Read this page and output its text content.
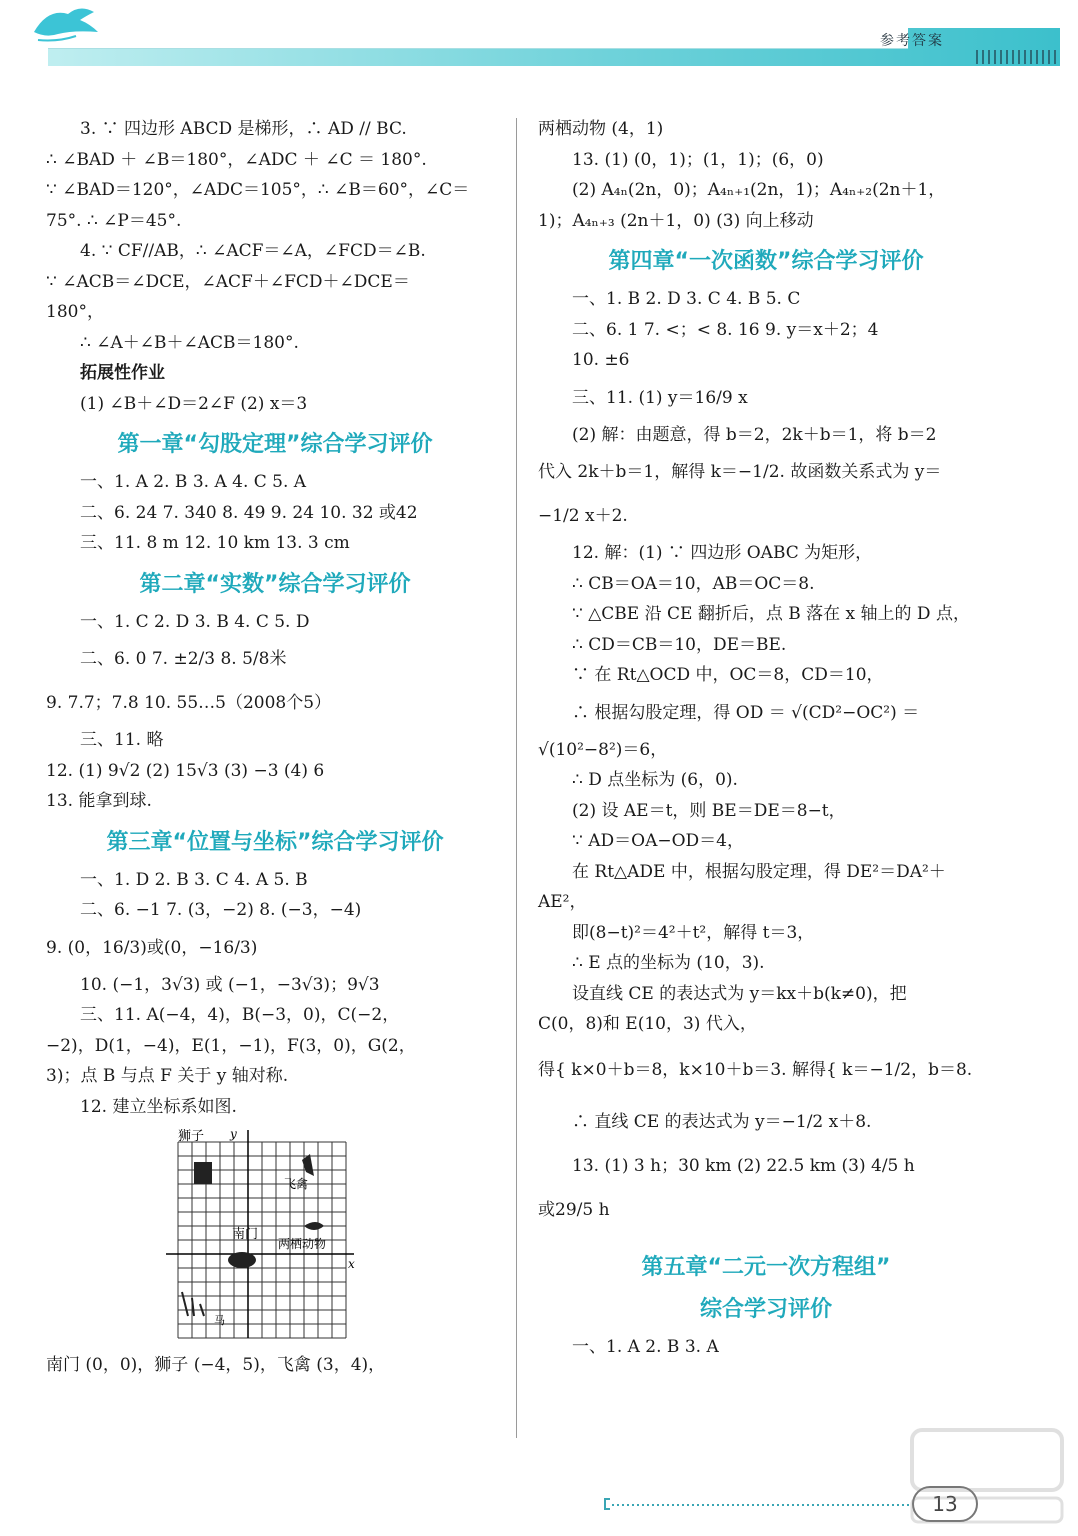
参考答案
3. ∵ 四边形 ABCD 是梯形，∴ AD // BC.
∴ ∠BAD ＋ ∠B＝180°，∠ADC ＋ ∠C ＝ 180°.
∵ ∠BAD＝120°，∠ADC＝105°，∴ ∠B＝60°，∠C＝
75°. ∴ ∠P＝45°.
4. ∵ CF//AB，∴ ∠ACF＝∠A，∠FCD＝∠B.
∵ ∠ACB＝∠DCE，∠ACF＋∠FCD＋∠DCE＝
180°，
∴ ∠A＋∠B＋∠ACB＝180°.
拓展性作业
(1) ∠B＋∠D＝2∠F (2) x＝3
第一章“勾股定理”综合学习评价
一、1. A 2. B 3. A 4. C 5. A
二、6. 24 7. 340 8. 49 9. 24 10. 32 或42
三、11. 8 m 12. 10 km 13. 3 cm
第二章“实数”综合学习评价
一、1. C 2. D 3. B 4. C 5. D
二、6. 0 7. ±2/3 8. 5/8米
9. 7.7；7.8 10. 55…5（2008个5）
三、11. 略
12. (1) 9√2 (2) 15√3 (3) −3 (4) 6
13. 能拿到球.
第三章“位置与坐标”综合学习评价
一、1. D 2. B 3. C 4. A 5. B
二、6. −1 7. (3，−2) 8. (−3，−4)
9. (0，16/3)或(0，−16/3)
10. (−1，3√3) 或 (−1，−3√3)；9√3
三、11. A(−4，4)，B(−3，0)，C(−2，
−2)，D(1，−4)，E(1，−1)，F(3，0)，G(2，
3)；点 B 与点 F 关于 y 轴对称.
12. 建立坐标系如图.
y
x
狮子
飞禽
南门
两栖动物
马
南门 (0，0)，狮子 (−4，5)，飞禽 (3，4)，
两栖动物 (4，1)
13. (1) (0，1)；(1，1)；(6，0)
(2) A₄ₙ(2n，0)；A₄ₙ₊₁(2n，1)；A₄ₙ₊₂(2n＋1，
1)；A₄ₙ₊₃ (2n＋1，0) (3) 向上移动
第四章“一次函数”综合学习评价
一、1. B 2. D 3. C 4. B 5. C
二、6. 1 7. <；< 8. 16 9. y＝x＋2；4
10. ±6
三、11. (1) y＝16/9 x
(2) 解：由题意，得 b＝2，2k＋b＝1，将 b＝2
代入 2k＋b＝1，解得 k＝−1/2. 故函数关系式为 y＝
−1/2 x＋2.
12. 解：(1) ∵ 四边形 OABC 为矩形，
∴ CB＝OA＝10，AB＝OC＝8.
∵ △CBE 沿 CE 翻折后，点 B 落在 x 轴上的 D 点，
∴ CD＝CB＝10，DE＝BE.
∵ 在 Rt△OCD 中，OC＝8，CD＝10，
∴ 根据勾股定理，得 OD ＝ √(CD²−OC²) ＝
√(10²−8²)＝6，
∴ D 点坐标为 (6，0).
(2) 设 AE＝t，则 BE＝DE＝8−t，
∵ AD＝OA−OD＝4，
在 Rt△ADE 中，根据勾股定理，得 DE²＝DA²＋
AE²，
即(8−t)²＝4²＋t²，解得 t＝3，
∴ E 点的坐标为 (10，3).
设直线 CE 的表达式为 y＝kx＋b(k≠0)，把
C(0，8)和 E(10，3) 代入，
得{ k×0＋b＝8，k×10＋b＝3. 解得{ k＝−1/2，b＝8.
∴ 直线 CE 的表达式为 y＝−1/2 x＋8.
13. (1) 3 h；30 km (2) 22.5 km (3) 4/5 h
或29/5 h
第五章“二元一次方程组”
综合学习评价
一、1. A 2. B 3. A
13
